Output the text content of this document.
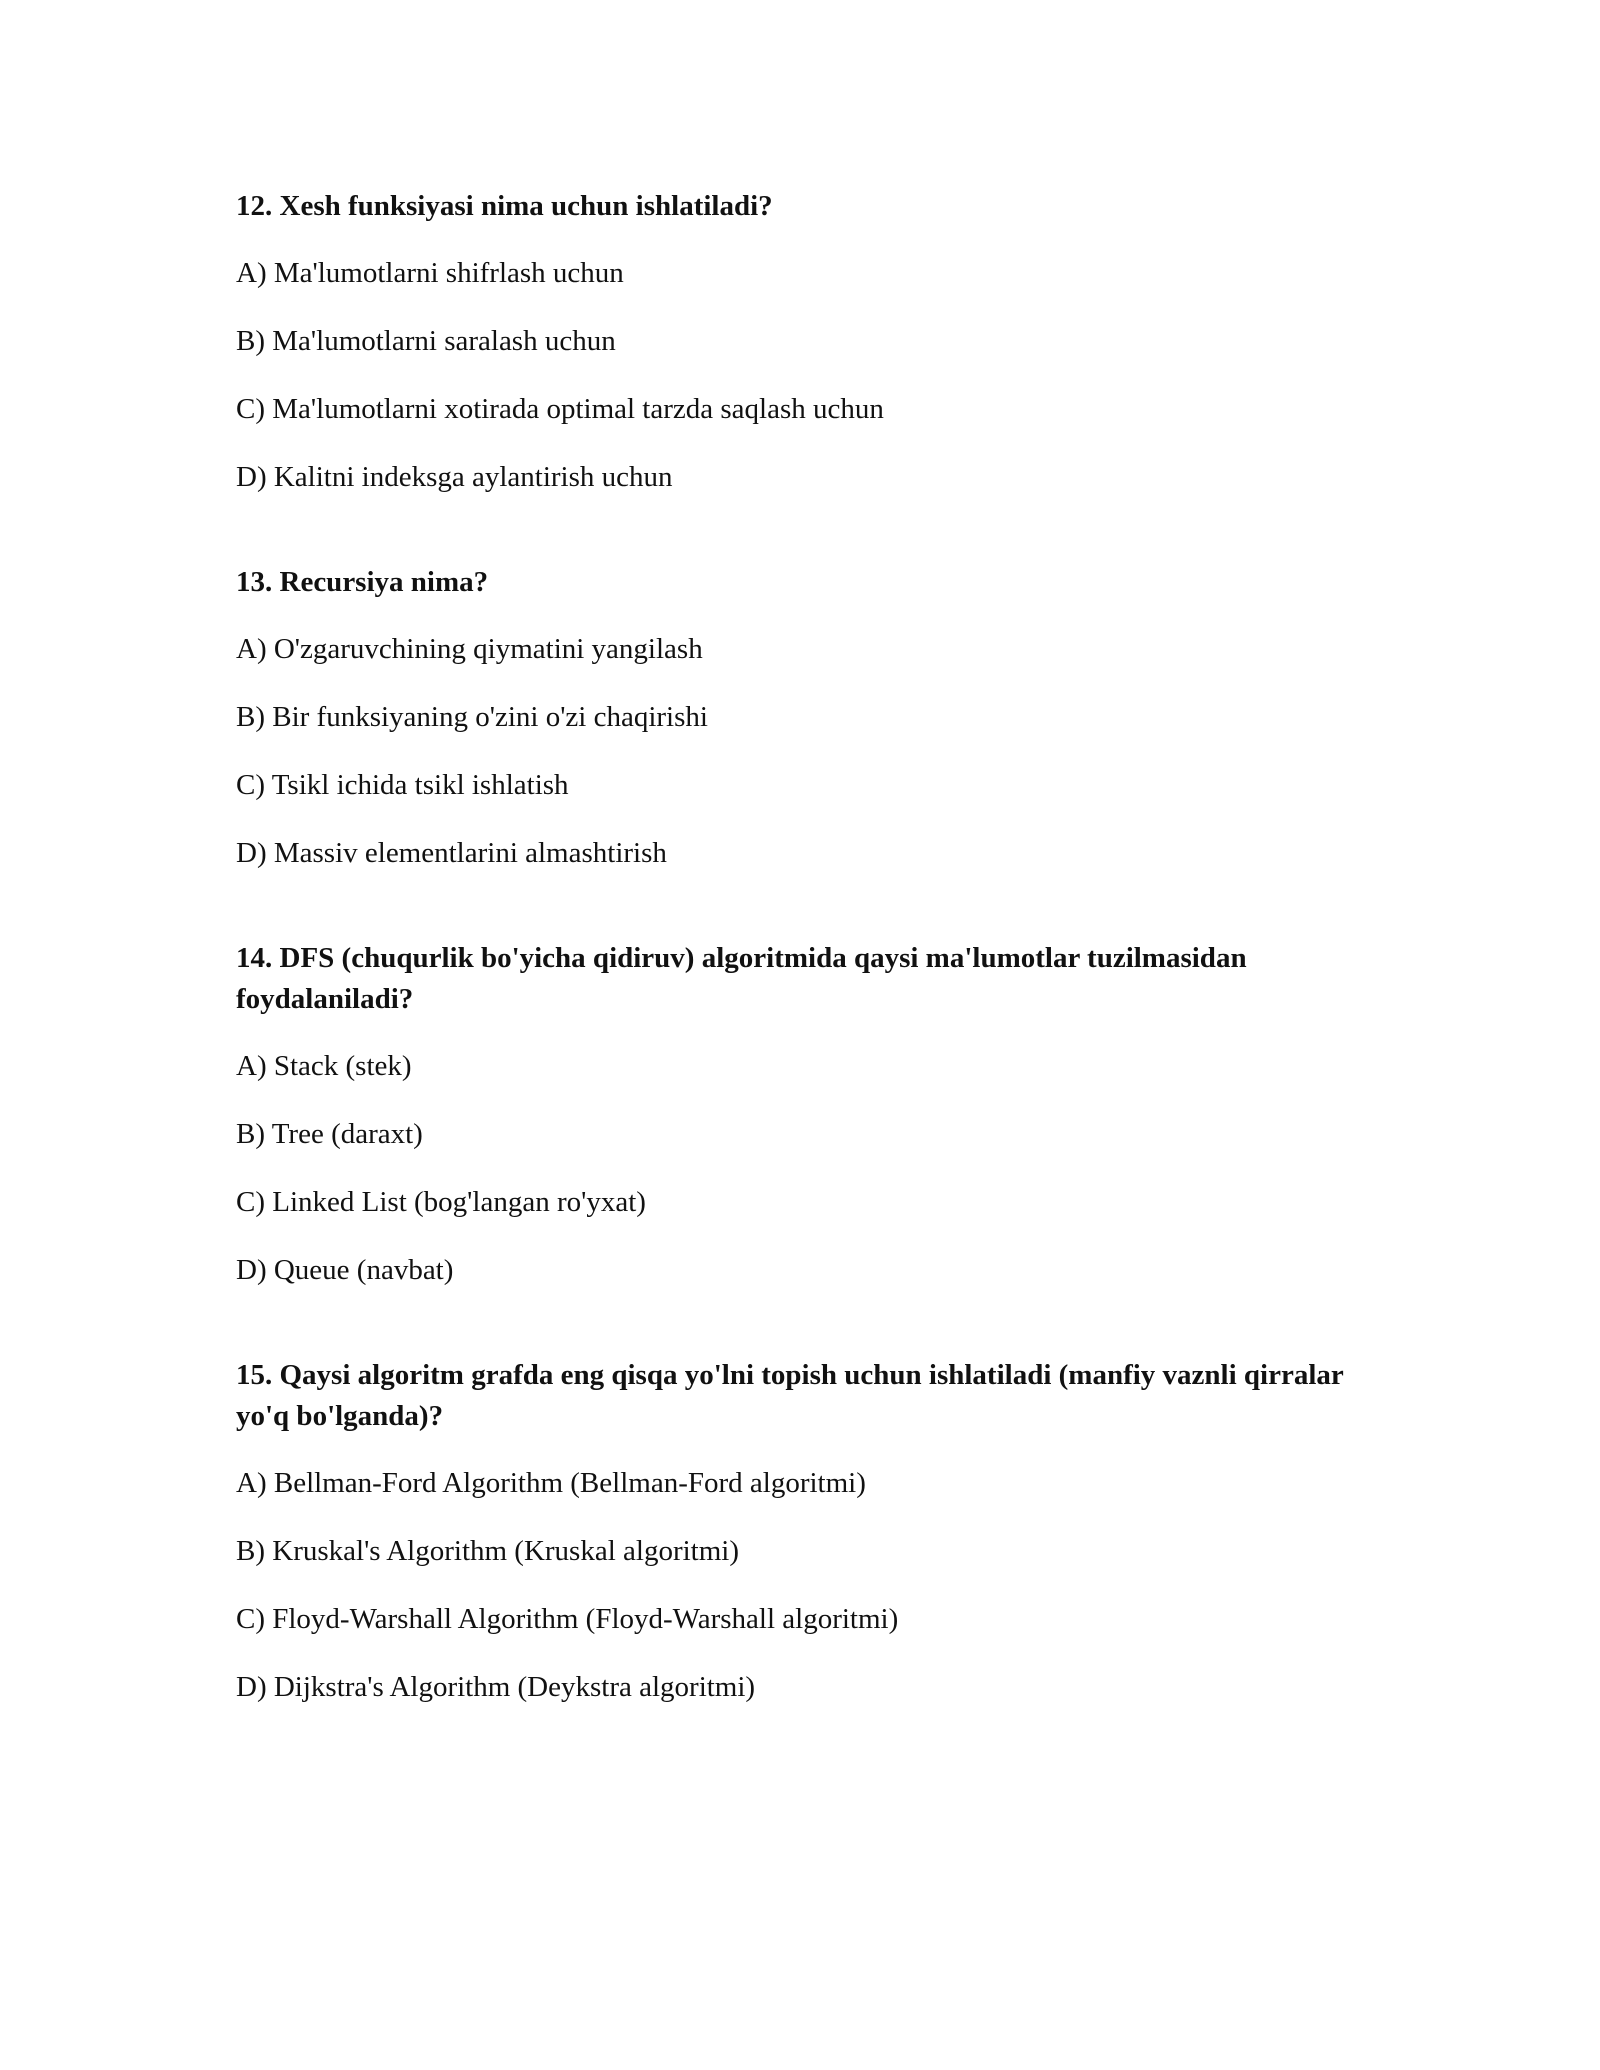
12. Xesh funksiyasi nima uchun ishlatiladi?
A) Ma'lumotlarni shifrlash uchun
B) Ma'lumotlarni saralash uchun
C) Ma'lumotlarni xotirada optimal tarzda saqlash uchun
D) Kalitni indeksga aylantirish uchun
13. Recursiya nima?
A) O'zgaruvchining qiymatini yangilash
B) Bir funksiyaning o'zini o'zi chaqirishi
C) Tsikl ichida tsikl ishlatish
D) Massiv elementlarini almashtirish
14. DFS (chuqurlik bo'yicha qidiruv) algoritmida qaysi ma'lumotlar tuzilmasidan foydalaniladi?
A) Stack (stek)
B) Tree (daraxt)
C) Linked List (bog'langan ro'yxat)
D) Queue (navbat)
15. Qaysi algoritm grafda eng qisqa yo'lni topish uchun ishlatiladi (manfiy vaznli qirralar yo'q bo'lganda)?
A) Bellman-Ford Algorithm (Bellman-Ford algoritmi)
B) Kruskal's Algorithm (Kruskal algoritmi)
C) Floyd-Warshall Algorithm (Floyd-Warshall algoritmi)
D) Dijkstra's Algorithm (Deykstra algoritmi)
